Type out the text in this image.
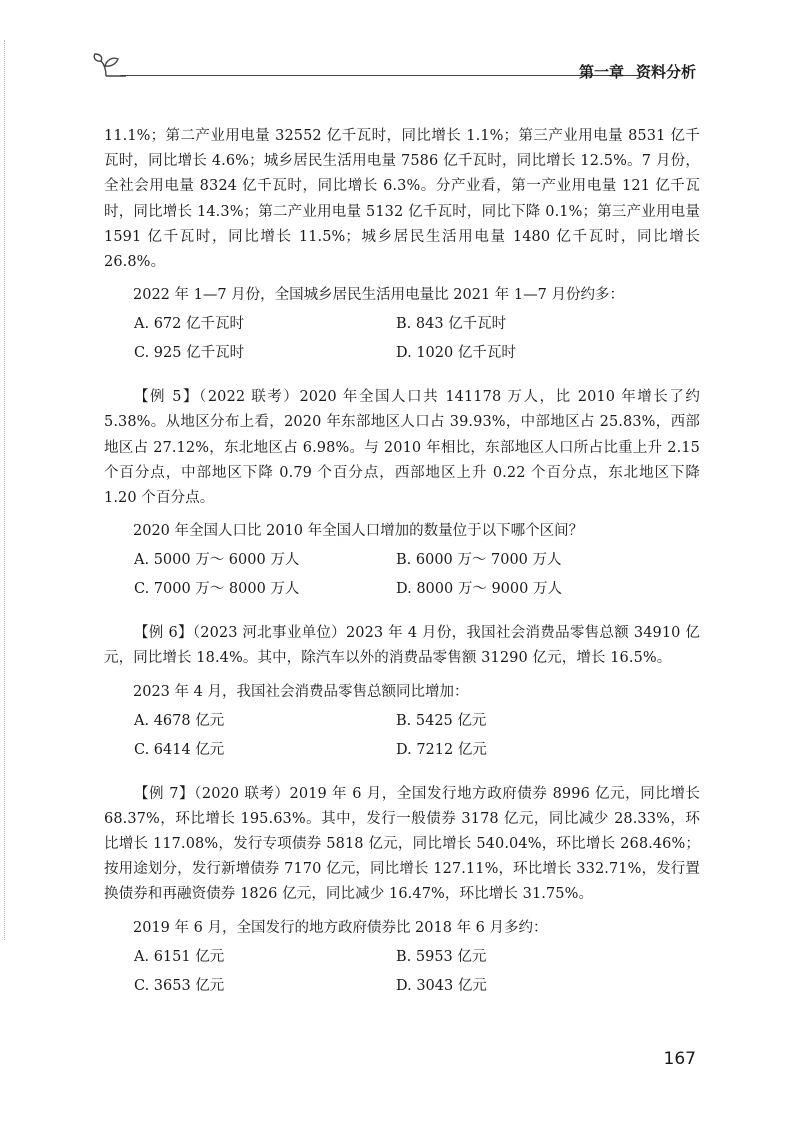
第一章 资料分析

11.1%；第二产业用电量 32552 亿千瓦时，同比增长 1.1%；第三产业用电量 8531 亿千瓦时，同比增长 4.6%；城乡居民生活用电量 7586 亿千瓦时，同比增长 12.5%。7 月份，全社会用电量 8324 亿千瓦时，同比增长 6.3%。分产业看，第一产业用电量 121 亿千瓦时，同比增长 14.3%；第二产业用电量 5132 亿千瓦时，同比下降 0.1%；第三产业用电量 1591 亿千瓦时，同比增长 11.5%；城乡居民生活用电量 1480 亿千瓦时，同比增长 26.8%。

2022 年 1—7 月份，全国城乡居民生活用电量比 2021 年 1—7 月份约多：

A. 672 亿千瓦时	B. 843 亿千瓦时
C. 925 亿千瓦时	D. 1020 亿千瓦时

【例 5】（2022 联考）2020 年全国人口共 141178 万人，比 2010 年增长了约 5.38%。从地区分布上看，2020 年东部地区人口占 39.93%，中部地区占 25.83%，西部地区占 27.12%，东北地区占 6.98%。与 2010 年相比，东部地区人口所占比重上升 2.15 个百分点，中部地区下降 0.79 个百分点，西部地区上升 0.22 个百分点，东北地区下降 1.20 个百分点。

2020 年全国人口比 2010 年全国人口增加的数量位于以下哪个区间？

A. 5000 万～ 6000 万人	B. 6000 万～ 7000 万人
C. 7000 万～ 8000 万人	D. 8000 万～ 9000 万人

【例 6】（2023 河北事业单位）2023 年 4 月份，我国社会消费品零售总额 34910 亿元，同比增长 18.4%。其中，除汽车以外的消费品零售额 31290 亿元，增长 16.5%。

2023 年 4 月，我国社会消费品零售总额同比增加：

A. 4678 亿元	B. 5425 亿元
C. 6414 亿元	D. 7212 亿元

【例 7】（2020 联考）2019 年 6 月，全国发行地方政府债券 8996 亿元，同比增长 68.37%，环比增长 195.63%。其中，发行一般债券 3178 亿元，同比减少 28.33%，环比增长 117.08%，发行专项债券 5818 亿元，同比增长 540.04%，环比增长 268.46%；按用途划分，发行新增债券 7170 亿元，同比增长 127.11%，环比增长 332.71%，发行置换债券和再融资债券 1826 亿元，同比减少 16.47%，环比增长 31.75%。

2019 年 6 月，全国发行的地方政府债券比 2018 年 6 月多约：

A. 6151 亿元	B. 5953 亿元
C. 3653 亿元	D. 3043 亿元
167
